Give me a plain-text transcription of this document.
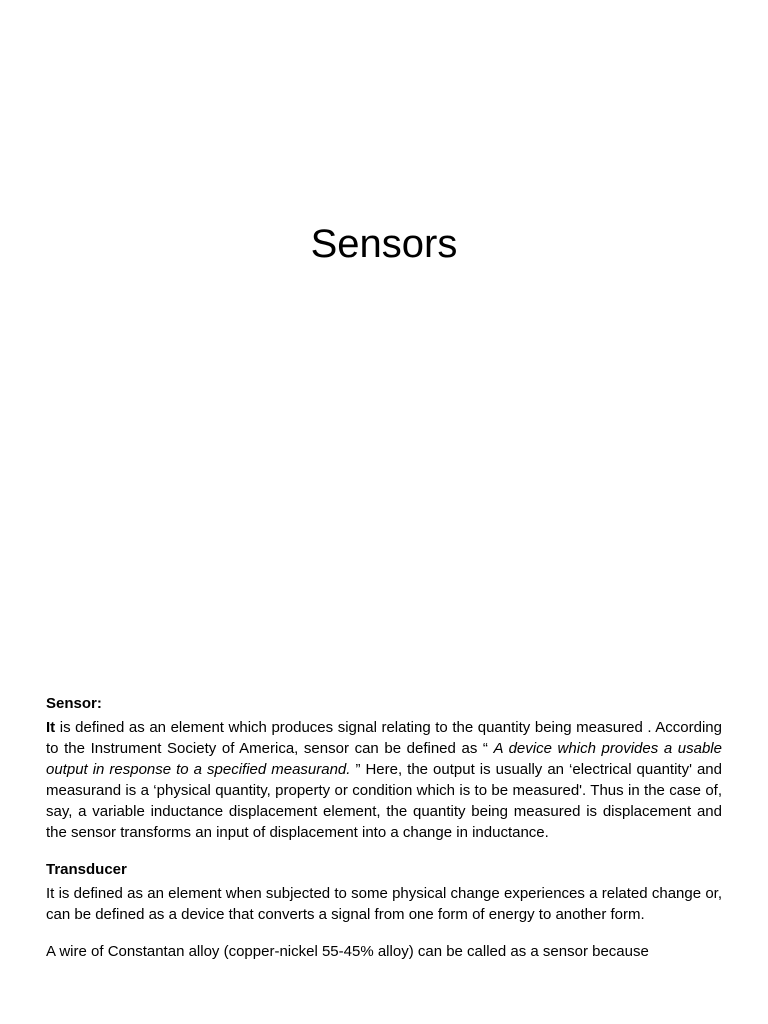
Sensors
Sensor:

It is defined as an element which produces signal relating to the quantity being measured . According to the Instrument Society of America, sensor can be defined as “ A device which provides a usable output in response to a specified measurand. ” Here, the output is usually an ‘electrical quantity' and measurand is a ‘physical quantity, property or condition which is to be measured'. Thus in the case of, say, a variable inductance displacement element, the quantity being measured is displacement and the sensor transforms an input of displacement into a change in inductance.

Transducer

It is defined as an element when subjected to some physical change experiences a related change or, can be defined as a device that converts a signal from one form of energy to another form.

A wire of Constantan alloy (copper-nickel 55-45% alloy) can be called as a sensor because
